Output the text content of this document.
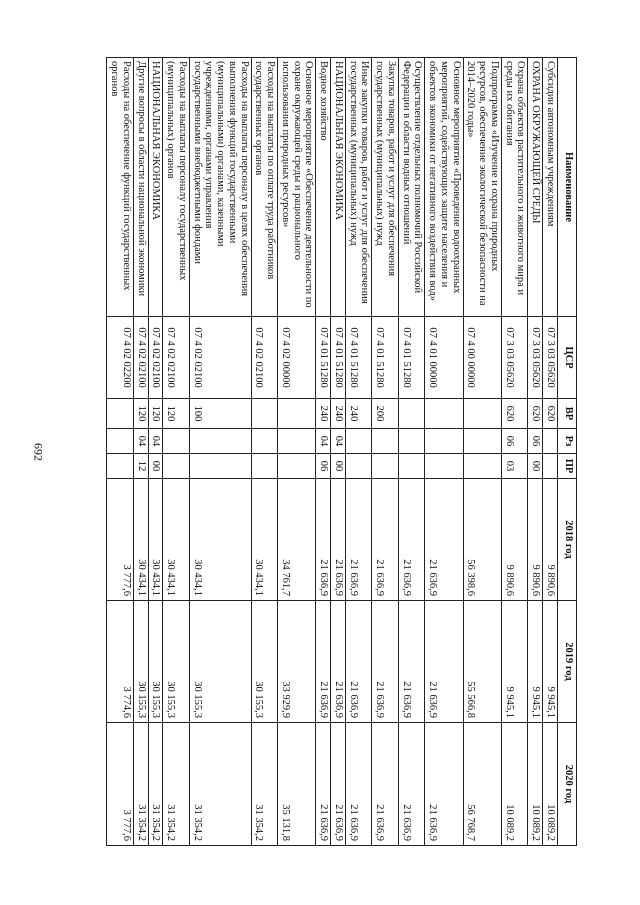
692
Наименование	ЦСР	ВР	Рз	ПР	2018 год	2019 год	2020 год
Субсидии автономным учреждениям	07 3 03 05620	620			9 890,6	9 945,1	10 089,2
ОХРАНА ОКРУЖАЮЩЕЙ СРЕДЫ	07 3 03 05620	620	06	00	9 890,6	9 945,1	10 089,2
Охрана объектов растительного и животного мира и среды их обитания	07 3 03 05620	620	06	03	9 890,6	9 945,1	10 089,2
Подпрограмма «Изучение и охрана природных ресурсов, обеспечение экологической безопасности на 2014–2020 годы»	07 4 00 00000				56 398,6	55 566,8	56 768,7
Основное мероприятие «Проведение водоохранных мероприятий, содействующих защите населения и объектов экономики от негативного воздействия вод»	07 4 01 00000				21 636,9	21 636,9	21 636,9
Осуществление отдельных полномочий Российской Федерации в области водных отношений	07 4 01 51280				21 636,9	21 636,9	21 636,9
Закупка товаров, работ и услуг для обеспечения государственных (муниципальных) нужд	07 4 01 51280	200			21 636,9	21 636,9	21 636,9
Иные закупки товаров, работ и услуг для обеспечения государственных (муниципальных) нужд	07 4 01 51280	240			21 636,9	21 636,9	21 636,9
НАЦИОНАЛЬНАЯ ЭКОНОМИКА	07 4 01 51280	240	04	00	21 636,9	21 636,9	21 636,9
Водное хозяйство	07 4 01 51280	240	04	06	21 636,9	21 636,9	21 636,9
Основное мероприятие «Обеспечение деятельности по охране окружающей среды и рационального использования природных ресурсов»	07 4 02 00000				34 761,7	33 929,9	35 131,8
Расходы на выплаты по оплате труда работников государственных органов	07 4 02 02100				30 434,1	30 155,3	31 354,2
Расходы на выплаты персоналу в целях обеспечения выполнения функций государственными (муниципальными) органами, казенными учреждениями, органами управления государственными внебюджетными фондами	07 4 02 02100	100			30 434,1	30 155,3	31 354,2
Расходы на выплаты персоналу государственных (муниципальных) органов	07 4 02 02100	120			30 434,1	30 155,3	31 354,2
НАЦИОНАЛЬНАЯ ЭКОНОМИКА	07 4 02 02100	120	04	00	30 434,1	30 155,3	31 354,2
Другие вопросы в области национальной экономики	07 4 02 02100	120	04	12	30 434,1	30 155,3	31 354,2
Расходы на обеспечение функций государственных органов	07 4 02 02200				3 777,6	3 774,6	3 777,6
